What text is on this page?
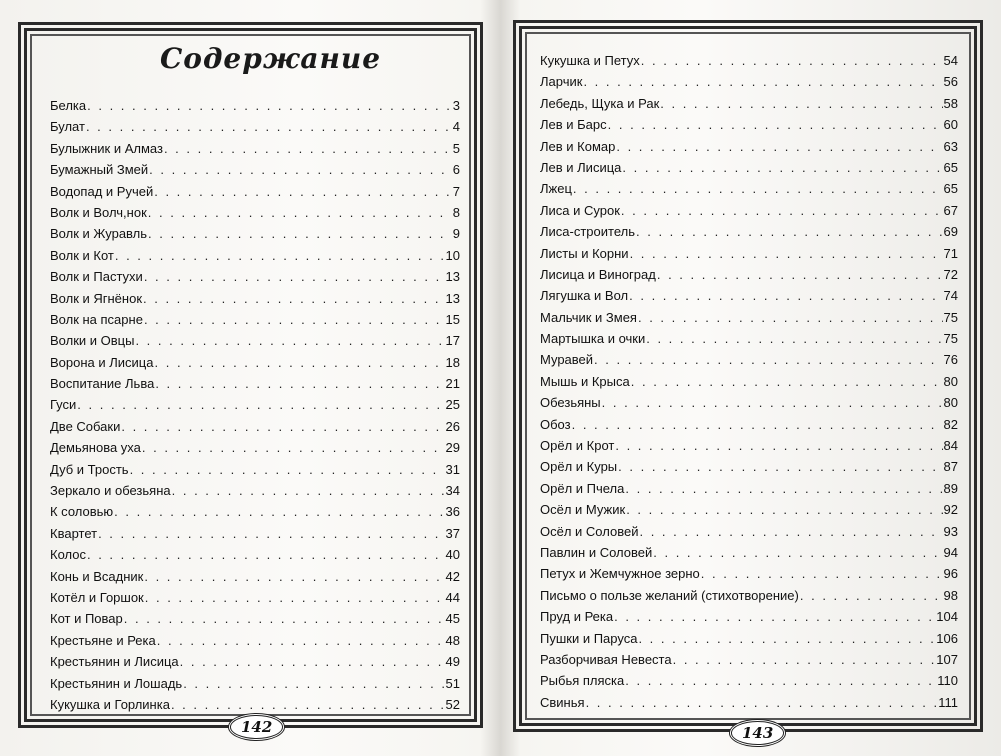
Содержание
Белка . . .	3
Булат . . .	4
Булыжник и Алмаз . . .	5
Бумажный Змей . . .	6
Водопад и Ручей . . .	7
Волк и Волч,нок . . .	8
Волк и Журавль . . .	9
Волк и Кот . . .	10
Волк и Пастухи . . .	13
Волк и Ягнёнок . . .	13
Волк на псарне . . .	15
Волки и Овцы . . .	17
Ворона и Лисица . . .	18
Воспитание Льва . . .	21
Гуси . . .	25
Две Собаки . . .	26
Демьянова уха . . .	29
Дуб и Трость . . .	31
Зеркало и обезьяна . . .	34
К соловью . . .	36
Квартет . . .	37
Колос . . .	40
Конь и Всадник . . .	42
Котёл и Горшок . . .	44
Кот и Повар . . .	45
Крестьяне и Река . . .	48
Крестьянин и Лисица . . .	49
Крестьянин и Лошадь . . .	51
Кукушка и Горлинка . . .	52
142
Кукушка и Петух . . .	54
Ларчик . . .	56
Лебедь, Щука и Рак . . .	58
Лев и Барс . . .	60
Лев и Комар . . .	63
Лев и Лисица . . .	65
Лжец . . .	65
Лиса и Сурок . . .	67
Лиса-строитель . . .	69
Листы и Корни . . .	71
Лисица и Виноград . . .	72
Лягушка и Вол . . .	74
Мальчик и Змея . . .	75
Мартышка и очки . . .	75
Муравей . . .	76
Мышь и Крыса . . .	80
Обезьяны . . .	80
Обоз . . .	82
Орёл и Крот . . .	84
Орёл и Куры . . .	87
Орёл и Пчела . . .	89
Осёл и Мужик . . .	92
Осёл и Соловей . . .	93
Павлин и Соловей . . .	94
Петух и Жемчужное зерно . . .	96
Письмо о пользе желаний (стихотворение) . . .	98
Пруд и Река . . .	104
Пушки и Паруса . . .	106
Разборчивая Невеста . . .	107
Рыбья пляска . . .	110
Свинья . . .	111
143
